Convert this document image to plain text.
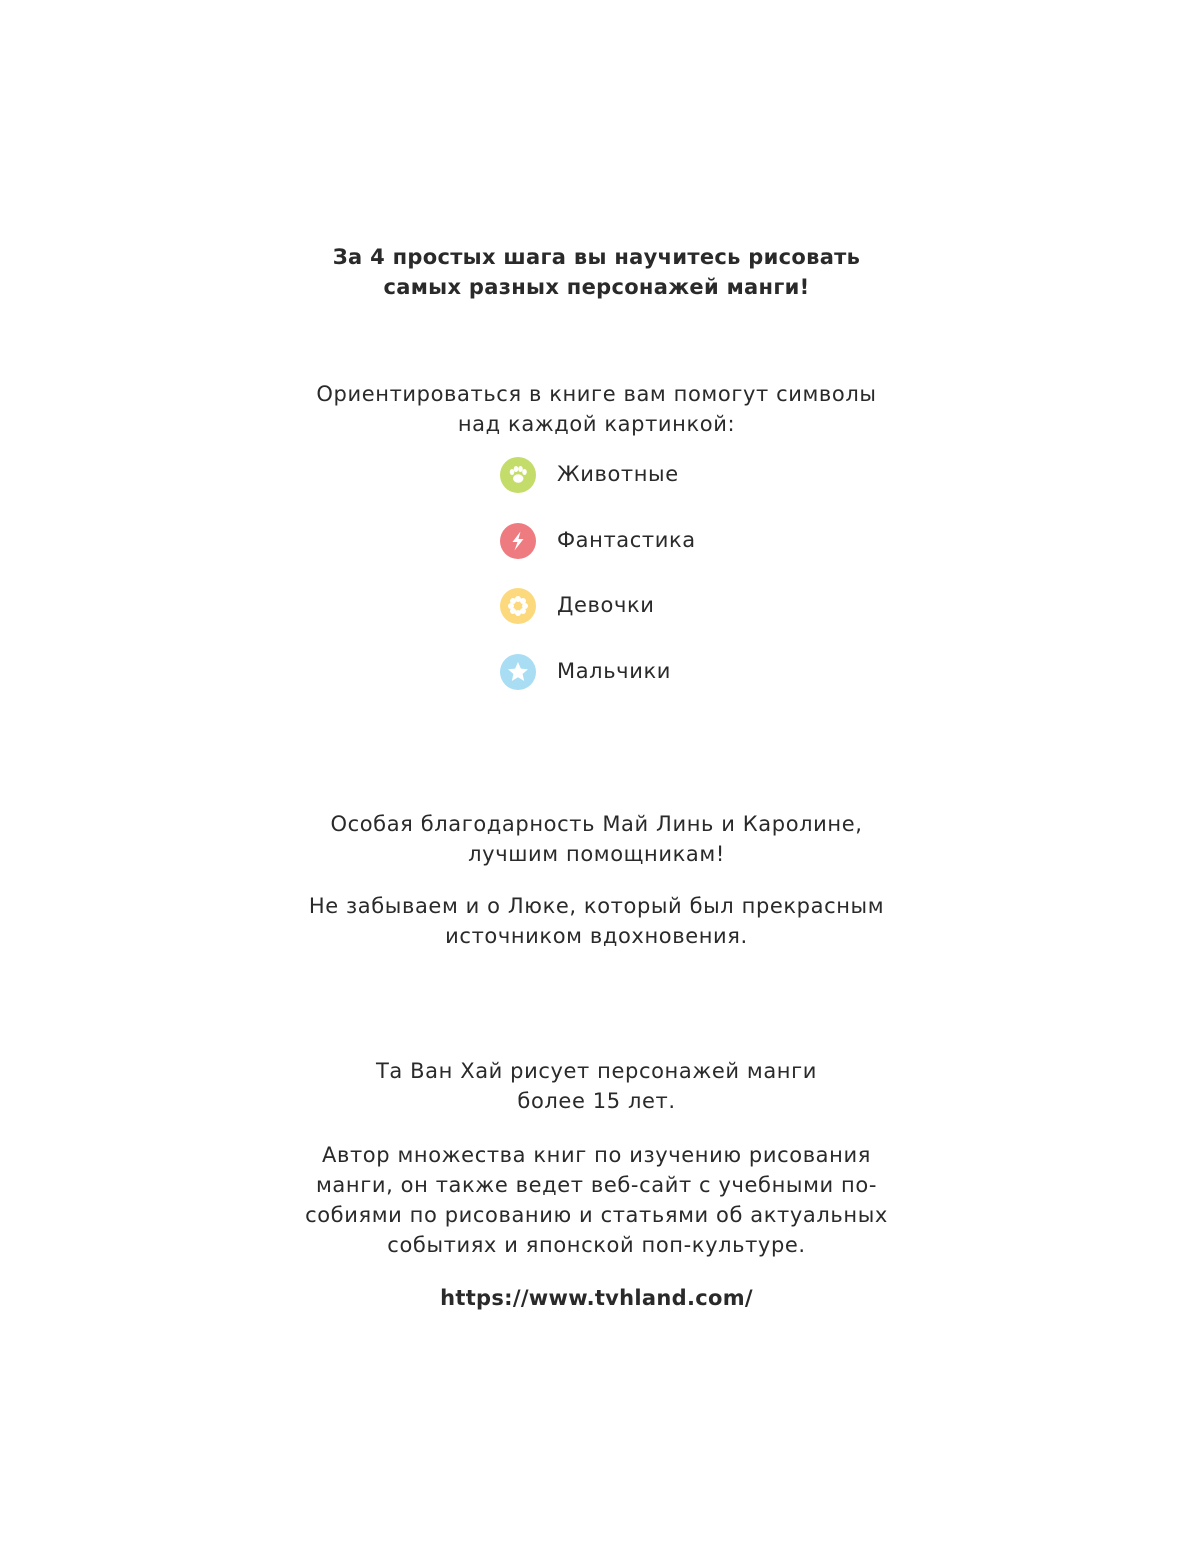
За 4 простых шага вы научитесь рисовать

самых разных персонажей манги!

Ориентироваться в книге вам помогут символы

над каждой картинкой:

Животные
Фантастика
Девочки
Мальчики

Особая благодарность Май Линь и Каролине,

лучшим помощникам!

Не забываем и о Люке, который был прекрасным

источником вдохновения.

Та Ван Хай рисует персонажей манги

более 15 лет.

Автор множества книг по изучению рисования

манги, он также ведет веб-сайт с учебными по-

собиями по рисованию и статьями об актуальных

событиях и японской поп-культуре.

https://www.tvhland.com/
